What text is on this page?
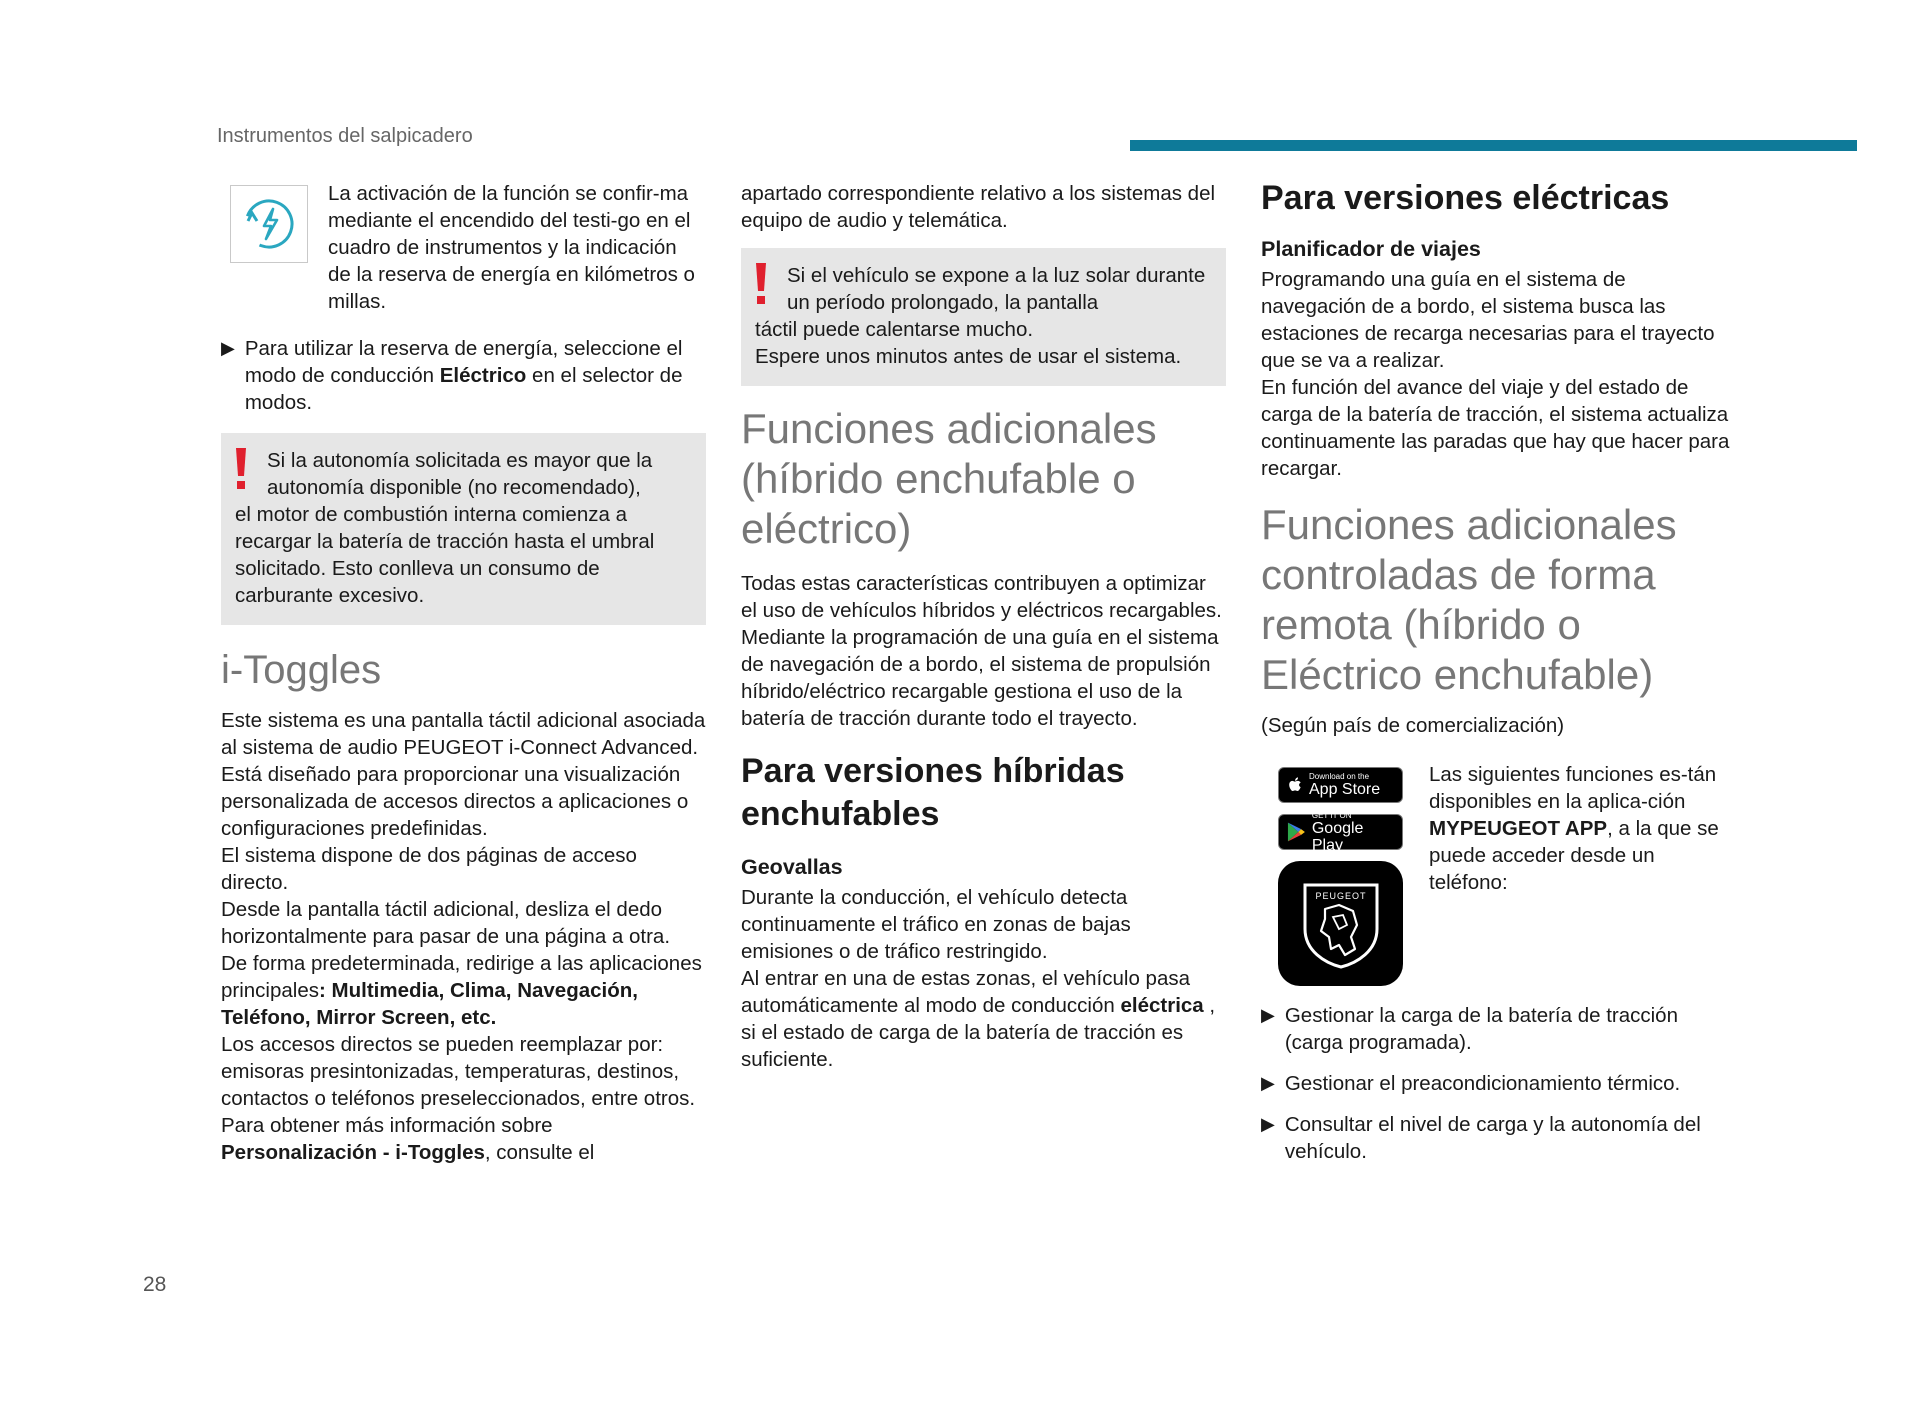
Instrumentos del salpicadero

La activación de la función se confir-ma mediante el encendido del testi-go en el cuadro de instrumentos y la indicación de la reserva de energía en kilómetros o millas.

▶ Para utilizar la reserva de energía, seleccione el modo de conducción Eléctrico en el selector de modos.

Si la autonomía solicitada es mayor que la autonomía disponible (no recomendado),

el motor de combustión interna comienza a recargar la batería de tracción hasta el umbral solicitado. Esto conlleva un consumo de carburante excesivo.

i-Toggles

Este sistema es una pantalla táctil adicional asociada al sistema de audio PEUGEOT i-Connect Advanced. Está diseñado para proporcionar una visualización personalizada de accesos directos a aplicaciones o configuraciones predefinidas.

El sistema dispone de dos páginas de acceso directo.

Desde la pantalla táctil adicional, desliza el dedo horizontalmente para pasar de una página a otra.

De forma predeterminada, redirige a las aplicaciones principales: Multimedia, Clima, Navegación, Teléfono, Mirror Screen, etc.

Los accesos directos se pueden reemplazar por: emisoras presintonizadas, temperaturas, destinos, contactos o teléfonos preseleccionados, entre otros.

Para obtener más información sobre
Personalización - i-Toggles, consulte el

apartado correspondiente relativo a los sistemas del equipo de audio y telemática.

Si el vehículo se expone a la luz solar durante un período prolongado, la pantalla

táctil puede calentarse mucho.

Espere unos minutos antes de usar el sistema.

Funciones adicionales (híbrido enchufable o eléctrico)

Todas estas características contribuyen a optimizar el uso de vehículos híbridos y eléctricos recargables.

Mediante la programación de una guía en el sistema de navegación de a bordo, el sistema de propulsión híbrido/eléctrico recargable gestiona el uso de la batería de tracción durante todo el trayecto.

Para versiones híbridas enchufables
Geovallas

Durante la conducción, el vehículo detecta continuamente el tráfico en zonas de bajas emisiones o de tráfico restringido.

Al entrar en una de estas zonas, el vehículo pasa automáticamente al modo de conducción eléctrica , si el estado de carga de la batería de tracción es suficiente.

Para versiones eléctricas
Planificador de viajes

Programando una guía en el sistema de navegación de a bordo, el sistema busca las estaciones de recarga necesarias para el trayecto que se va a realizar.

En función del avance del viaje y del estado de carga de la batería de tracción, el sistema actualiza continuamente las paradas que hay que hacer para recargar.

Funciones adicionales controladas de forma remota (híbrido o Eléctrico enchufable)

(Según país de comercialización)

Download on the
App Store
GET IT ON
Google Play
PEUGEOT

Las siguientes funciones es-tán disponibles en la aplica-ción MYPEUGEOT APP, a la que se puede acceder desde un teléfono:

▶ Gestionar la carga de la batería de tracción (carga programada).

▶ Gestionar el preacondicionamiento térmico.

▶ Consultar el nivel de carga y la autonomía del vehículo.

28
